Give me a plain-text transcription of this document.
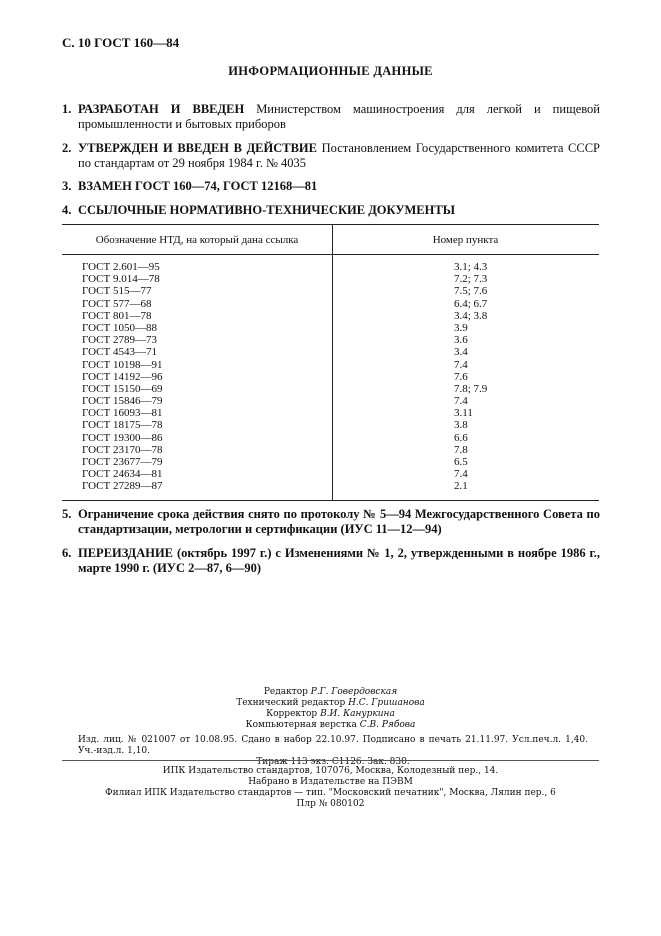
С. 10 ГОСТ 160—84
ИНФОРМАЦИОННЫЕ ДАННЫЕ
1. РАЗРАБОТАН И ВВЕДЕН Министерством машиностроения для легкой и пищевой промышленности и бытовых приборов
2. УТВЕРЖДЕН И ВВЕДЕН В ДЕЙСТВИЕ Постановлением Государственного комитета СССР по стандартам от 29 ноября 1984 г. № 4035
3. ВЗАМЕН ГОСТ 160—74, ГОСТ 12168—81
4. ССЫЛОЧНЫЕ НОРМАТИВНО-ТЕХНИЧЕСКИЕ ДОКУМЕНТЫ
Обозначение НТД, на который дана ссылка	Номер пункта
ГОСТ 2.601—95	3.1; 4.3
ГОСТ 9.014—78	7.2; 7.3
ГОСТ 515—77	7.5; 7.6
ГОСТ 577—68	6.4; 6.7
ГОСТ 801—78	3.4; 3.8
ГОСТ 1050—88	3.9
ГОСТ 2789—73	3.6
ГОСТ 4543—71	3.4
ГОСТ 10198—91	7.4
ГОСТ 14192—96	7.6
ГОСТ 15150—69	7.8; 7.9
ГОСТ 15846—79	7.4
ГОСТ 16093—81	3.11
ГОСТ 18175—78	3.8
ГОСТ 19300—86	6.6
ГОСТ 23170—78	7.8
ГОСТ 23677—79	6.5
ГОСТ 24634—81	7.4
ГОСТ 27289—87	2.1
5. Ограничение срока действия снято по протоколу № 5—94 Межгосударственного Совета по стандартизации, метрологии и сертификации (ИУС 11—12—94)
6. ПЕРЕИЗДАНИЕ (октябрь 1997 г.) с Изменениями № 1, 2, утвержденными в ноябре 1986 г., марте 1990 г. (ИУС 2—87, 6—90)
Редактор Р.Г. Говердовская
Технический редактор Н.С. Гришанова
Корректор В.И. Кануркина
Компьютерная верстка С.В. Рябова
Изд. лиц. № 021007 от 10.08.95. Сдано в набор 22.10.97. Подписано в печать 21.11.97. Усл.печ.л. 1,40. Уч.-изд.л. 1,10.
Тираж 113 экз. С1126. Зак. 830.
ИПК Издательство стандартов, 107076, Москва, Колодезный пер., 14.
Набрано в Издательстве на ПЭВМ
Филиал ИПК Издательство стандартов — тип. "Московский печатник", Москва, Лялин пер., 6
Плр № 080102
